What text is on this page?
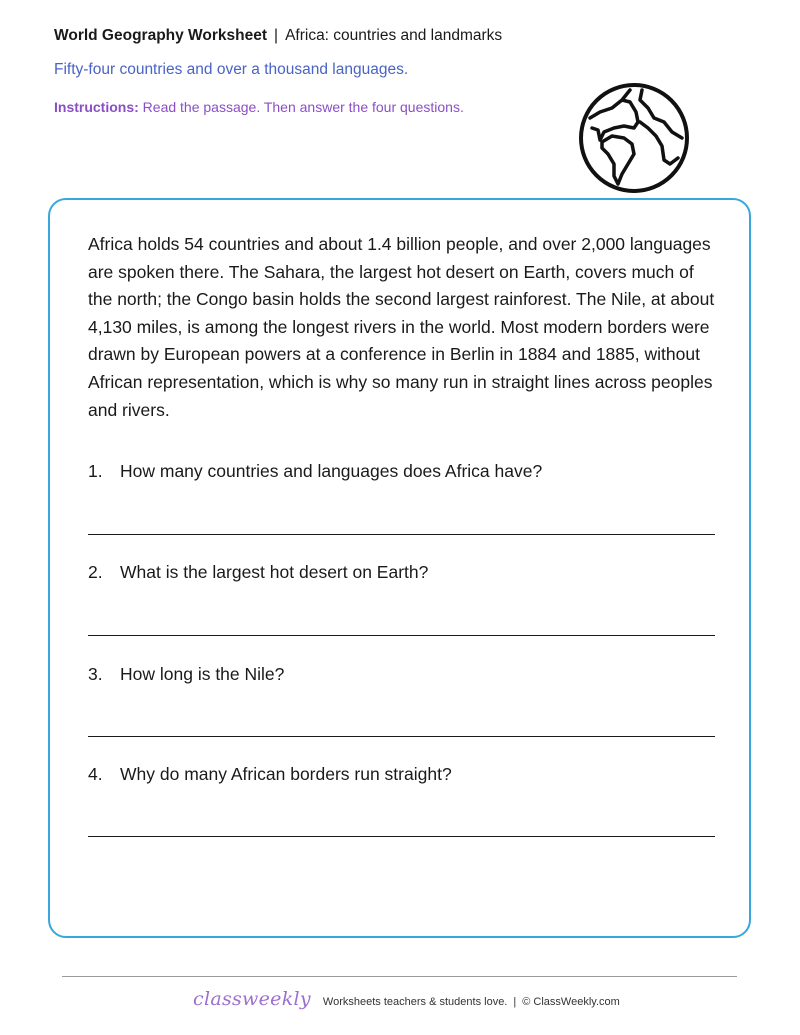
World Geography Worksheet | Africa: countries and landmarks
Fifty-four countries and over a thousand languages.
Instructions: Read the passage. Then answer the four questions.

Africa holds 54 countries and about 1.4 billion people, and over 2,000 languages are spoken there. The Sahara, the largest hot desert on Earth, covers much of the north; the Congo basin holds the second largest rainforest. The Nile, at about 4,130 miles, is among the longest rivers in the world. Most modern borders were drawn by European powers at a conference in Berlin in 1884 and 1885, without African representation, which is why so many run in straight lines across peoples and rivers.

1. How many countries and languages does Africa have?
2. What is the largest hot desert on Earth?
3. How long is the Nile?
4. Why do many African borders run straight?
classweekly Worksheets teachers & students love. | © ClassWeekly.com
